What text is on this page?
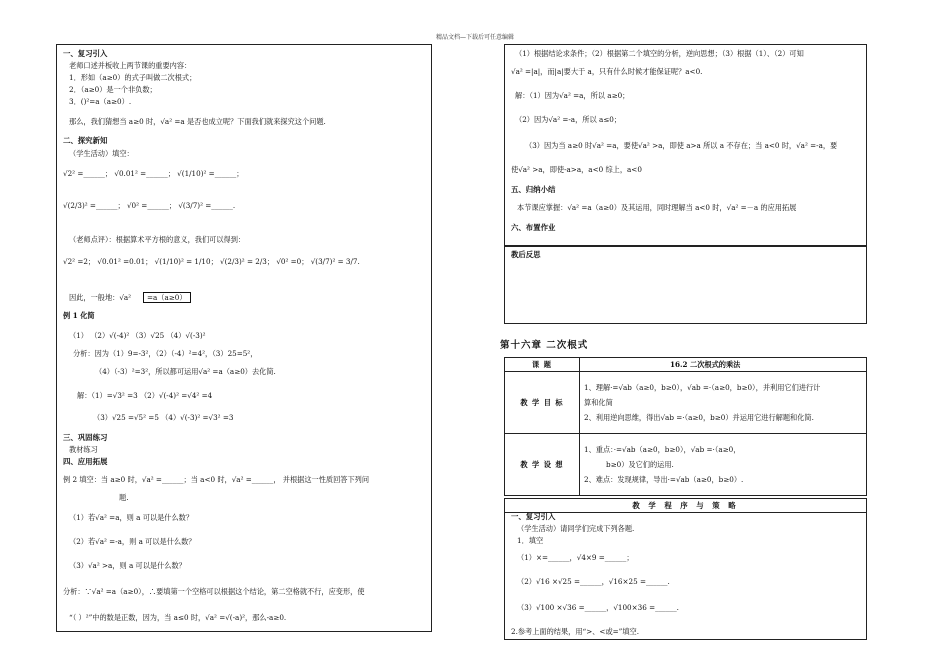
精品文档—下载后可任意编辑
一、复习引入
老师口述并板收上两节课的重要内容：
1．形如（a≥0）的式子叫做二次根式；
2．（a≥0）是一个非负数；
3．()²=a（a≥0）.
那么，我们猜想当 a≥0 时，√a² =a 是否也成立呢？下面我们就来探究这个问题.
二、探究新知
（学生活动）填空：
√2² =______； √0.01² =______； √(1/10)² =______；
√(2/3)² =______； √0² =______； √(3/7)² =______.
（老师点评）：根据算术平方根的意义，我们可以得到：
√2² =2； √0.01² =0.01； √(1/10)² = 1/10； √(2/3)² = 2/3； √0² =0； √(3/7)² = 3/7.
因此，一般地：√a²
例 1 化简
（1） （2）√(-4)² （3）√25 （4）√(-3)²
分析：因为（1）9=-3²，（2）（-4）²=4²，（3）25=5²，
（4）（-3）²=3²，所以都可运用√a² =a（a≥0）去化简.
解：（1）=√3² =3 （2）√(-4)² =√4² =4
（3）√25 =√5² =5 （4）√(-3)² =√3² =3
三、巩固练习
教材练习
四、应用拓展
例 2 填空：当 a≥0 时，√a² =______；当 a<0 时，√a² =______， 并根据这一性质回答下列问
题.
（1）若√a² =a，则 a 可以是什么数？
（2）若√a² =-a，则 a 可以是什么数？
（3）√a² >a，则 a 可以是什么数？
分析：∵√a² =a（a≥0），∴要填第一个空格可以根据这个结论，第二空格就不行，应变形，使
“（ ）²”中的数是正数，因为，当 a≤0 时，√a² =√(-a)²，那么-a≥0.
=a（a≥0）
（1）根据结论求条件；（2）根据第二个填空的分析，逆向思想；（3）根据（1）、（2）可知
√a² =|a|，而|a|要大于 a，只有什么时候才能保证呢？a<0.
解：（1）因为√a² =a，所以 a≥0；
（2）因为√a² =-a，所以 a≤0；
（3）因为当 a≥0 时√a² =a，要使√a² >a，即使 a>a 所以 a 不存在；当 a<0 时，√a² =-a，要
使√a² >a，即使-a>a，a<0 综上，a<0
五、归纳小结
本节课应掌握：√a² =a（a≥0）及其运用，同时理解当 a<0 时，√a² =－a 的应用拓展
六、布置作业
教后反思
第十六章 二次根式
课 题	16.2 二次根式的乘法
教 学 目 标	1、理解·=√ab（a≥0，b≥0），√ab =·（a≥0，b≥0），并利用它们进行计
算和化简
2、利用逆向思维，得出√ab =·（a≥0，b≥0）并运用它进行解题和化简.

教 学 设 想	1、重点：·=√ab（a≥0，b≥0），√ab =·（a≥0，
b≥0）及它们的运用.
2、难点：发现规律，导出·=√ab（a≥0，b≥0）.
教 学 程 序 与 策 略
一、复习引入
（学生活动）请同学们完成下列各题.
1．填空
（1）×=______，√4×9 =______；
（2）√16 ×√25 =______，√16×25 =______.
（3）√100 ×√36 =______，√100×36 =______.
2.参考上面的结果，用“>、<或=”填空.
